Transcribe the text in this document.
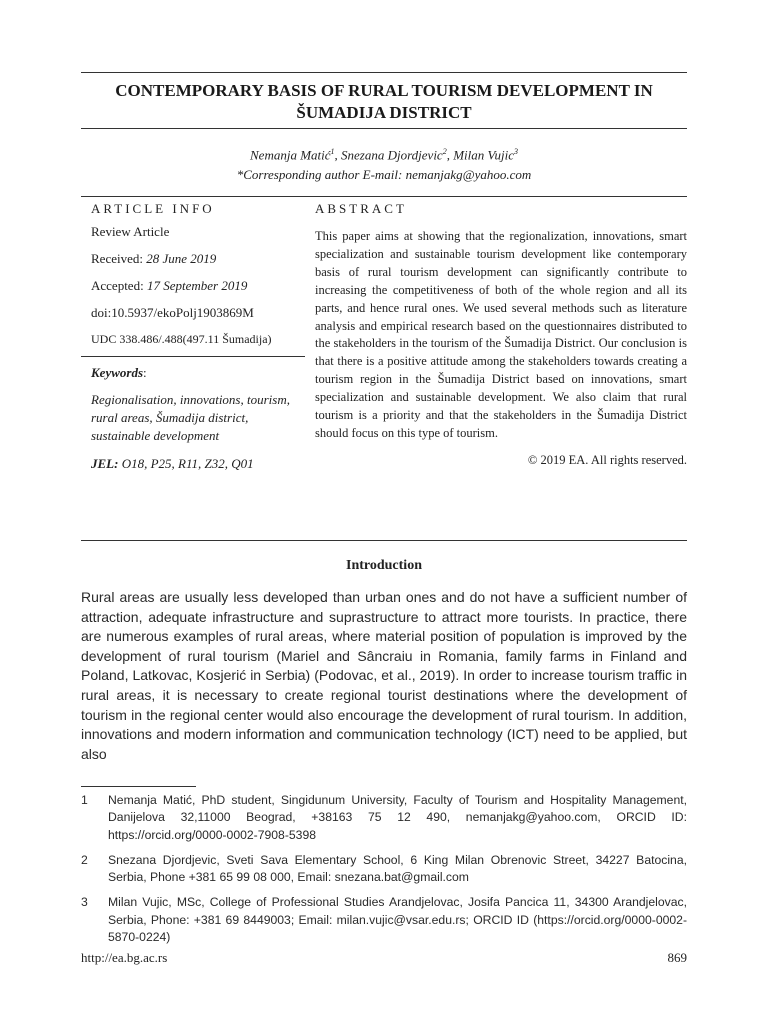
CONTEMPORARY BASIS OF RURAL TOURISM DEVELOPMENT IN
ŠUMADIJA DISTRICT
Nemanja Matić$^1$, Snezana Djordjevic$^2$, Milan Vujic$^3$
*Corresponding author E-mail: nemanjakg@yahoo.com
ARTICLE INFO
Review Article
Received: 28 June 2019
Accepted: 17 September 2019
doi:10.5937/ekoPolj1903869M
UDC 338.486/.488(497.11 Šumadija)
Keywords:
Regionalisation, innovations, tourism, rural areas, Šumadija district, sustainable development
JEL: O18, P25, R11, Z32, Q01
ABSTRACT
This paper aims at showing that the regionalization, innovations, smart specialization and sustainable tourism development like contemporary basis of rural tourism development can significantly contribute to increasing the competitiveness of both of the whole region and all its parts, and hence rural ones. We used several methods such as literature analysis and empirical research based on the questionnaires distributed to the stakeholders in the tourism of the Šumadija District. Our conclusion is that there is a positive attitude among the stakeholders towards creating a tourism region in the Šumadija District based on innovations, smart specialization and sustainable development. We also claim that rural tourism is a priority and that the stakeholders in the Šumadija District should focus on this type of tourism.
© 2019 EA. All rights reserved.
Introduction
Rural areas are usually less developed than urban ones and do not have a sufficient number of attraction, adequate infrastructure and suprastructure to attract more tourists. In practice, there are numerous examples of rural areas, where material position of population is improved by the development of rural tourism (Mariel and Sâncraiu in Romania, family farms in Finland and Poland, Latkovac, Kosjerić in Serbia) (Podovac, et al., 2019). In order to increase tourism traffic in rural areas, it is necessary to create regional tourist destinations where the development of tourism in the regional center would also encourage the development of rural tourism. In addition, innovations and modern information and communication technology (ICT) need to be applied, but also
1	Nemanja Matić, PhD student, Singidunum University, Faculty of Tourism and Hospitality Management, Danijelova 32,11000 Beograd, +38163 75 12 490, nemanjakg@yahoo.com, ORCID ID: https://orcid.org/0000-0002-7908-5398
2	Snezana Djordjevic, Sveti Sava Elementary School, 6 King Milan Obrenovic Street, 34227 Batocina, Serbia, Phone +381 65 99 08 000, Email: snezana.bat@gmail.com
3	Milan Vujic, MSc, College of Professional Studies Arandjelovac, Josifa Pancica 11, 34300 Arandjelovac, Serbia, Phone: +381 69 8449003; Email: milan.vujic@vsar.edu.rs; ORCID ID (https://orcid.org/0000-0002-5870-0224)
http://ea.bg.ac.rs	869
